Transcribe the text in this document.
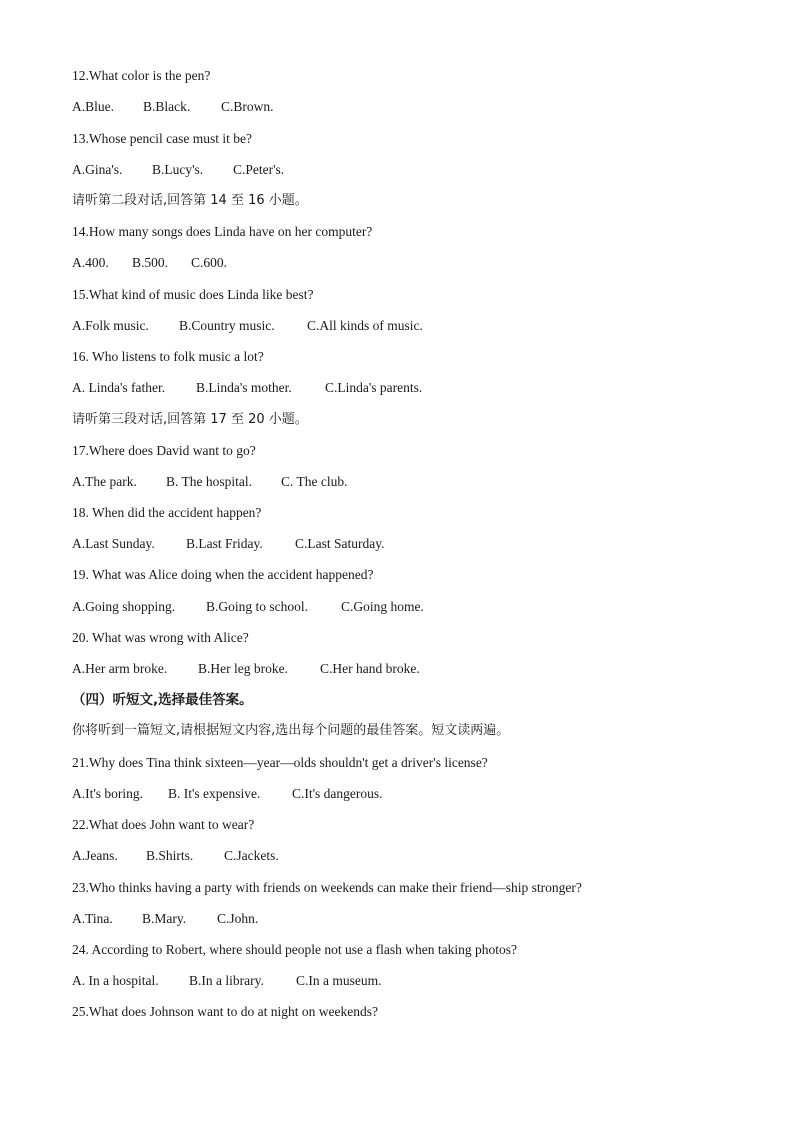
12.What color is the pen?
A.Blue. B.Black. C.Brown.
13.Whose pencil case must it be?
A.Gina's. B.Lucy's. C.Peter's.
请听第二段对话,回答第 14 至 16 小题。
14.How many songs does Linda have on her computer?
A.400. B.500. C.600.
15.What kind of music does Linda like best?
A.Folk music. B.Country music. C.All kinds of music.
16. Who listens to folk music a lot?
A. Linda's father. B.Linda's mother. C.Linda's parents.
请听第三段对话,回答第 17 至 20 小题。
17.Where does David want to go?
A.The park. B. The hospital. C. The club.
18. When did the accident happen?
A.Last Sunday. B.Last Friday. C.Last Saturday.
19. What was Alice doing when the accident happened?
A.Going shopping. B.Going to school. C.Going home.
20. What was wrong with Alice?
A.Her arm broke. B.Her leg broke. C.Her hand broke.
（四）听短文,选择最佳答案。
你将听到一篇短文,请根据短文内容,选出每个问题的最佳答案。短文读两遍。
21.Why does Tina think sixteen—year—olds shouldn't get a driver's license?
A.It's boring. B. It's expensive. C.It's dangerous.
22.What does John want to wear?
A.Jeans. B.Shirts. C.Jackets.
23.Who thinks having a party with friends on weekends can make their friend—ship stronger?
A.Tina. B.Mary. C.John.
24. According to Robert, where should people not use a flash when taking photos?
A. In a hospital. B.In a library. C.In a museum.
25.What does Johnson want to do at night on weekends?
